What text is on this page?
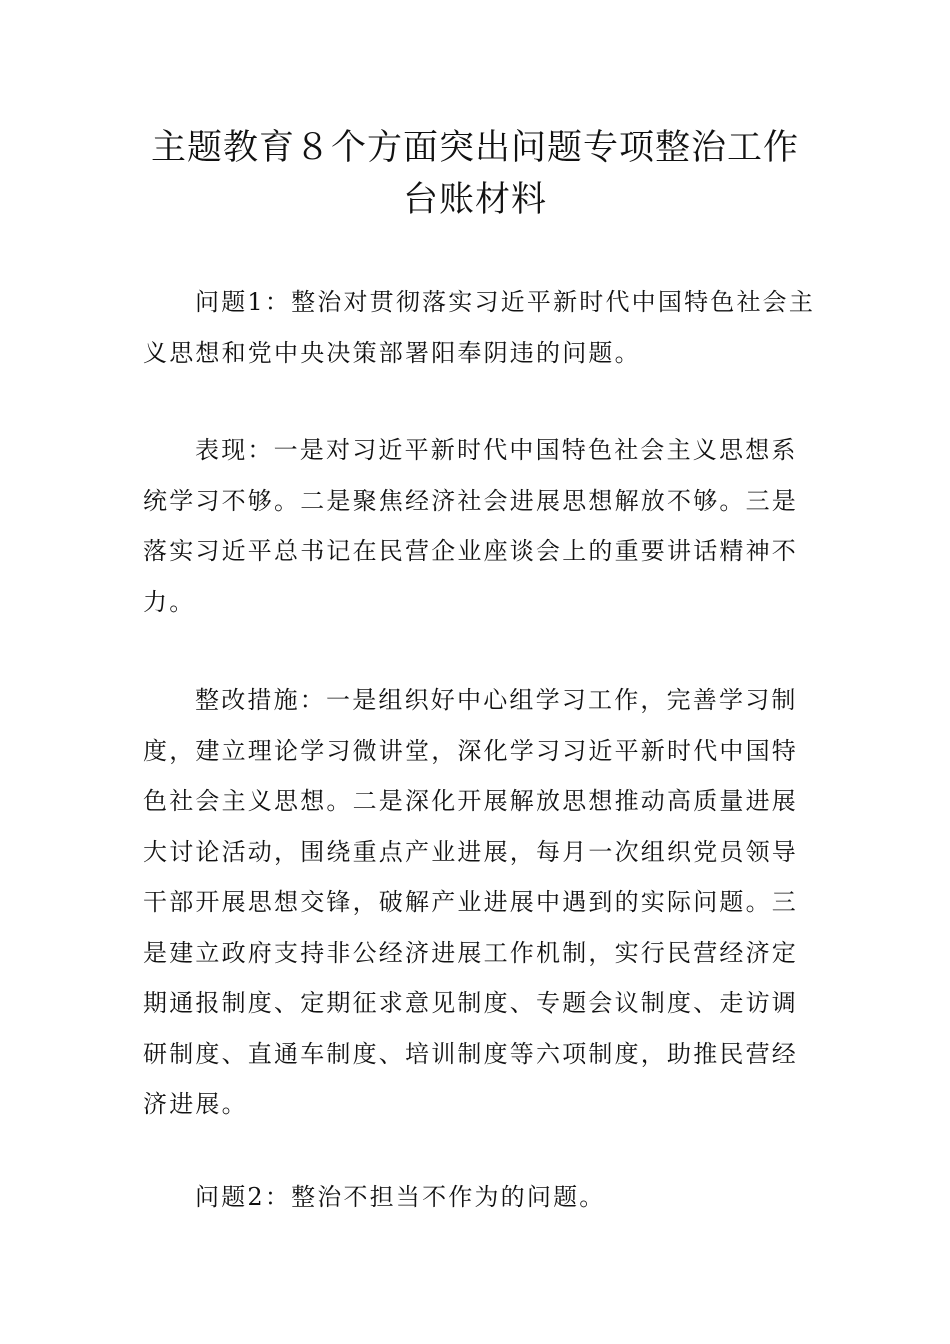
主题教育８个方面突出问题专项整治工作
台账材料

问题1：整治对贯彻落实习近平新时代中国特色社会主
义思想和党中央决策部署阳奉阴违的问题。

表现：一是对习近平新时代中国特色社会主义思想系
统学习不够。二是聚焦经济社会进展思想解放不够。三是
落实习近平总书记在民营企业座谈会上的重要讲话精神不
力。

整改措施：一是组织好中心组学习工作，完善学习制
度，建立理论学习微讲堂，深化学习习近平新时代中国特
色社会主义思想。二是深化开展解放思想推动高质量进展
大讨论活动，围绕重点产业进展，每月一次组织党员领导
干部开展思想交锋，破解产业进展中遇到的实际问题。三
是建立政府支持非公经济进展工作机制，实行民营经济定
期通报制度、定期征求意见制度、专题会议制度、走访调
研制度、直通车制度、培训制度等六项制度，助推民营经
济进展。

问题2：整治不担当不作为的问题。
